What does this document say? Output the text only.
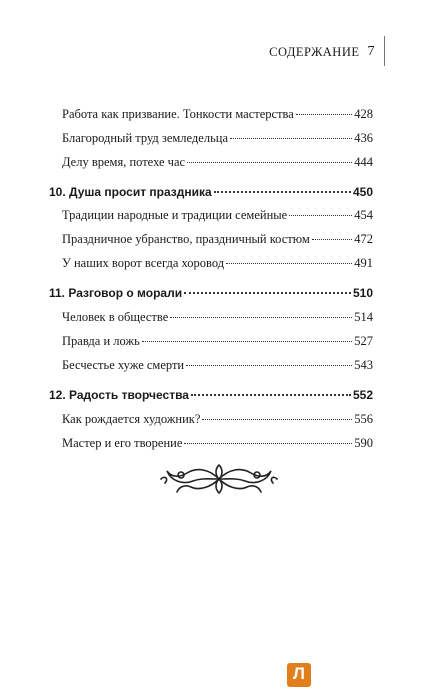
СОДЕРЖАНИЕ 7
Работа как призвание. Тонкости мастерства	428
Благородный труд земледельца	436
Делу время, потехе час	444
10. Душа просит праздника	450
Традиции народные и традиции семейные	454
Праздничное убранство, праздничный костюм	472
У наших ворот всегда хоровод	491
11. Разговор о морали	510
Человек в обществе	514
Правда и ложь	527
Бесчестье хуже смерти	543
12. Радость творчества	552
Как рождается художник?	556
Мастер и его творение	590
Л
